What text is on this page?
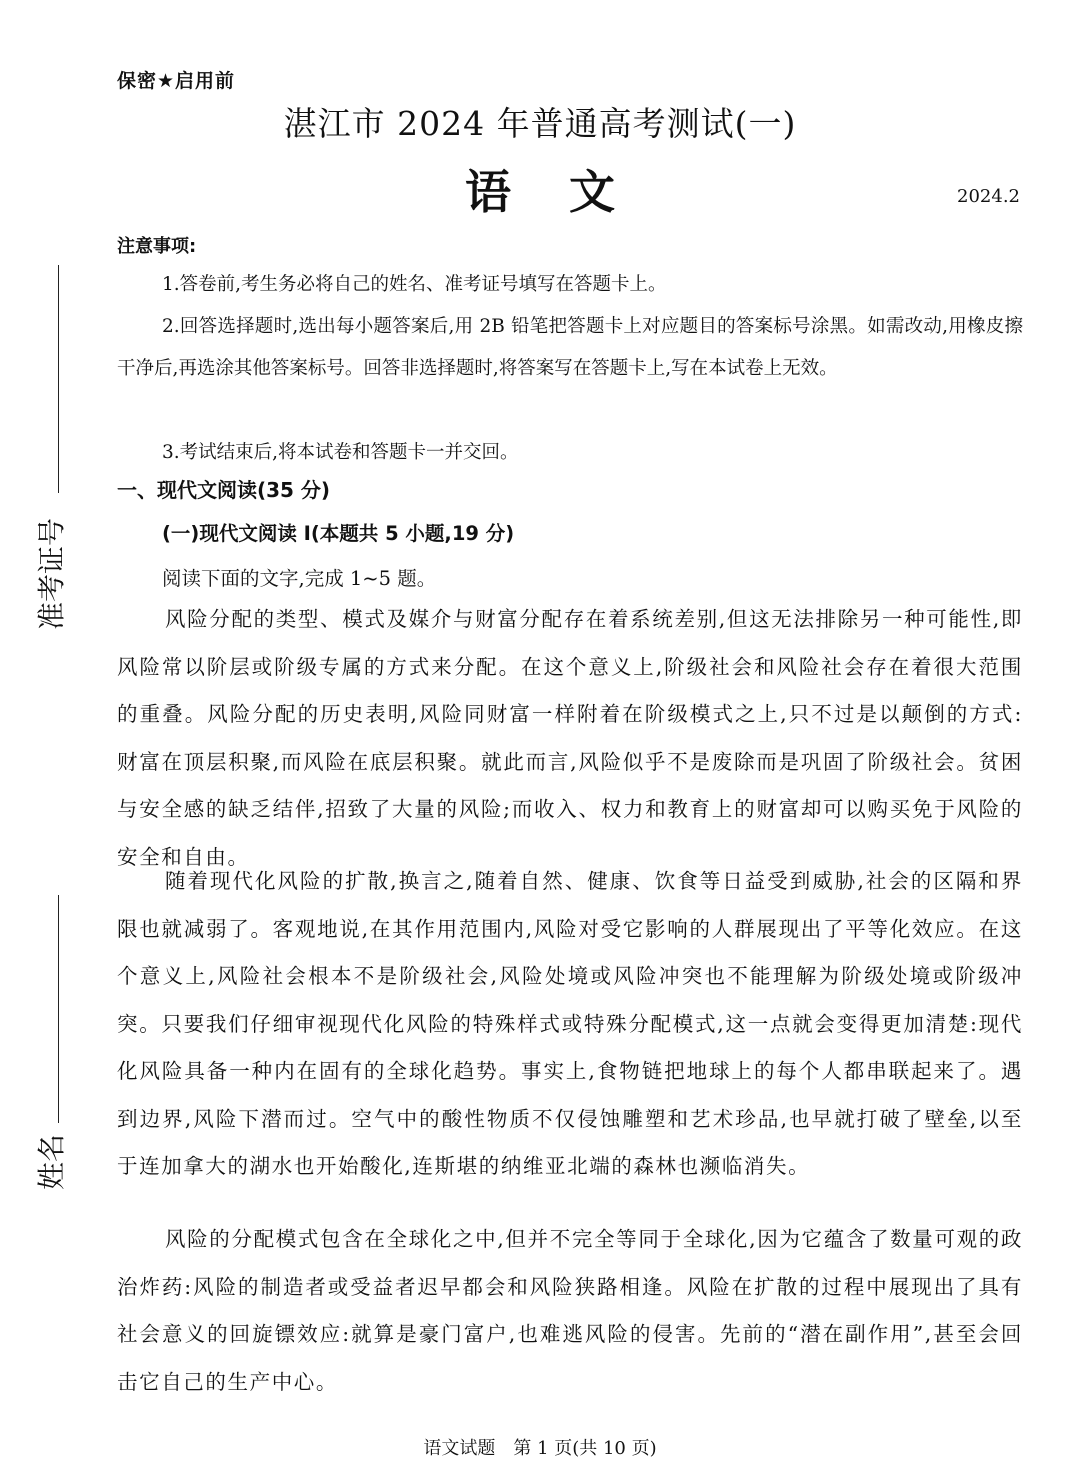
准考证号
姓名
保密★启用前
湛江市 2024 年普通高考测试(一)
语文	2024.2
注意事项:
1.答卷前,考生务必将自己的姓名、准考证号填写在答题卡上。
2.回答选择题时,选出每小题答案后,用 2B 铅笔把答题卡上对应题目的答案标号涂黑。如需改动,用橡皮擦干净后,再选涂其他答案标号。回答非选择题时,将答案写在答题卡上,写在本试卷上无效。
3.考试结束后,将本试卷和答题卡一并交回。
一、现代文阅读(35 分)
(一)现代文阅读 I(本题共 5 小题,19 分)
阅读下面的文字,完成 1~5 题。
风险分配的类型、模式及媒介与财富分配存在着系统差别,但这无法排除另一种可能性,即风险常以阶层或阶级专属的方式来分配。在这个意义上,阶级社会和风险社会存在着很大范围的重叠。风险分配的历史表明,风险同财富一样附着在阶级模式之上,只不过是以颠倒的方式:财富在顶层积聚,而风险在底层积聚。就此而言,风险似乎不是废除而是巩固了阶级社会。贫困与安全感的缺乏结伴,招致了大量的风险;而收入、权力和教育上的财富却可以购买免于风险的安全和自由。
随着现代化风险的扩散,换言之,随着自然、健康、饮食等日益受到威胁,社会的区隔和界限也就减弱了。客观地说,在其作用范围内,风险对受它影响的人群展现出了平等化效应。在这个意义上,风险社会根本不是阶级社会,风险处境或风险冲突也不能理解为阶级处境或阶级冲突。只要我们仔细审视现代化风险的特殊样式或特殊分配模式,这一点就会变得更加清楚:现代化风险具备一种内在固有的全球化趋势。事实上,食物链把地球上的每个人都串联起来了。遇到边界,风险下潜而过。空气中的酸性物质不仅侵蚀雕塑和艺术珍品,也早就打破了壁垒,以至于连加拿大的湖水也开始酸化,连斯堪的纳维亚北端的森林也濒临消失。
风险的分配模式包含在全球化之中,但并不完全等同于全球化,因为它蕴含了数量可观的政治炸药:风险的制造者或受益者迟早都会和风险狭路相逢。风险在扩散的过程中展现出了具有社会意义的回旋镖效应:就算是豪门富户,也难逃风险的侵害。先前的“潜在副作用”,甚至会回击它自己的生产中心。
语文试题　第 1 页(共 10 页)
